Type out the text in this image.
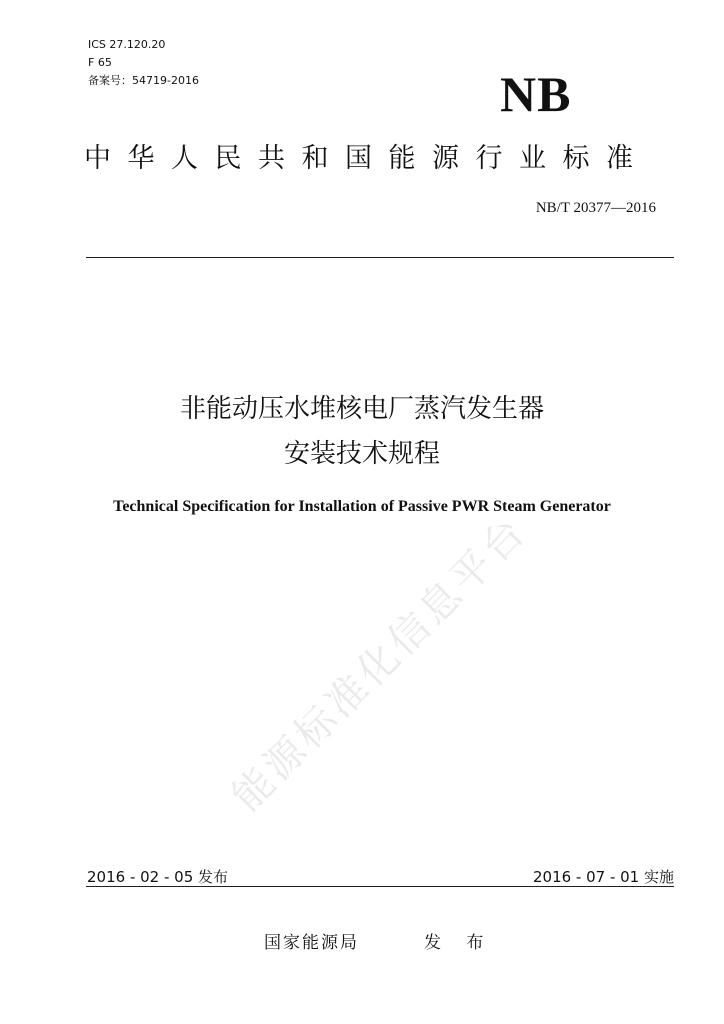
能源标准化信息平台
ICS 27.120.20
F 65
备案号：54719-2016	NB
中华人民共和国能源行业标准
NB/T 20377—2016
非能动压水堆核电厂蒸汽发生器
安装技术规程
Technical Specification for Installation of Passive PWR Steam Generator
2016 - 02 - 05 发布	2016 - 07 - 01 实施
国家能源局	发 布
